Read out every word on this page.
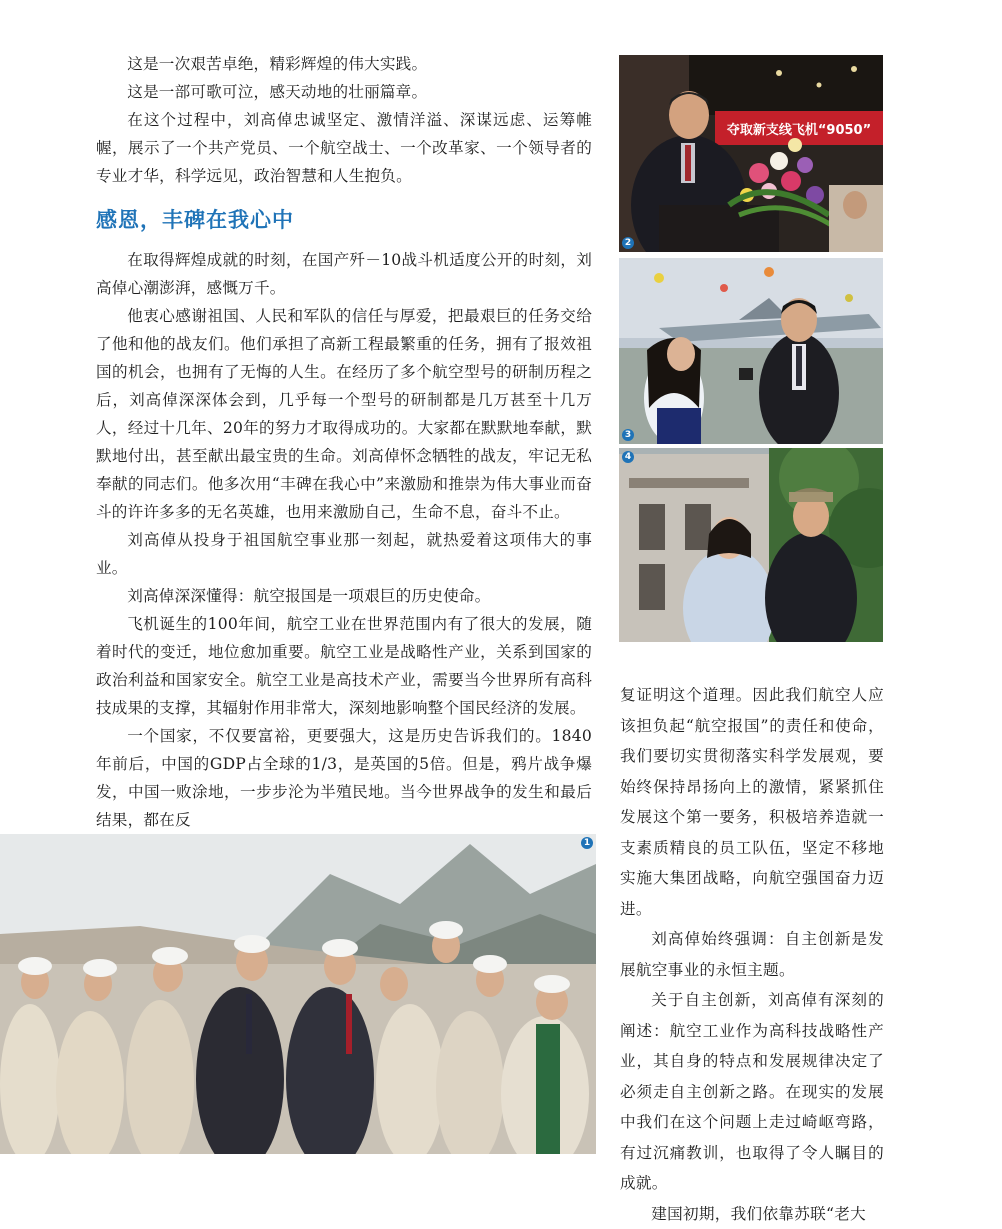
这是一次艰苦卓绝，精彩辉煌的伟大实践。

这是一部可歌可泣，感天动地的壮丽篇章。

在这个过程中，刘高倬忠诚坚定、激情洋溢、深谋远虑、运筹帷幄，展示了一个共产党员、一个航空战士、一个改革家、一个领导者的专业才华，科学远见，政治智慧和人生抱负。

感恩，丰碑在我心中

在取得辉煌成就的时刻，在国产歼－10战斗机适度公开的时刻，刘高倬心潮澎湃，感慨万千。

他衷心感谢祖国、人民和军队的信任与厚爱，把最艰巨的任务交给了他和他的战友们。他们承担了高新工程最繁重的任务，拥有了报效祖国的机会，也拥有了无悔的人生。在经历了多个航空型号的研制历程之后，刘高倬深深体会到，几乎每一个型号的研制都是几万甚至十几万人，经过十几年、20年的努力才取得成功的。大家都在默默地奉献，默默地付出，甚至献出最宝贵的生命。刘高倬怀念牺牲的战友，牢记无私奉献的同志们。他多次用“丰碑在我心中”来激励和推崇为伟大事业而奋斗的许许多多的无名英雄，也用来激励自己，生命不息，奋斗不止。

刘高倬从投身于祖国航空事业那一刻起，就热爱着这项伟大的事业。

刘高倬深深懂得：航空报国是一项艰巨的历史使命。

飞机诞生的100年间，航空工业在世界范围内有了很大的发展，随着时代的变迁，地位愈加重要。航空工业是战略性产业，关系到国家的政治利益和国家安全。航空工业是高技术产业，需要当今世界所有高科技成果的支撑，其辐射作用非常大，深刻地影响整个国民经济的发展。

一个国家，不仅要富裕，更要强大，这是历史告诉我们的。1840年前后，中国的GDP占全球的1/3，是英国的5倍。但是，鸦片战争爆发，中国一败涂地，一步步沦为半殖民地。当今世界战争的发生和最后结果，都在反

复证明这个道理。因此我们航空人应该担负起“航空报国”的责任和使命，我们要切实贯彻落实科学发展观，要始终保持昂扬向上的激情，紧紧抓住发展这个第一要务，积极培养造就一支素质精良的员工队伍，坚定不移地实施大集团战略，向航空强国奋力迈进。

刘高倬始终强调：自主创新是发展航空事业的永恒主题。

关于自主创新，刘高倬有深刻的阐述：航空工业作为高科技战略性产业，其自身的特点和发展规律决定了必须走自主创新之路。在现实的发展中我们在这个问题上走过崎岖弯路，有过沉痛教训，也取得了令人瞩目的成就。

建国初期，我们依靠苏联“老大

夺取新支线飞机“9050”
2
3
4
1
